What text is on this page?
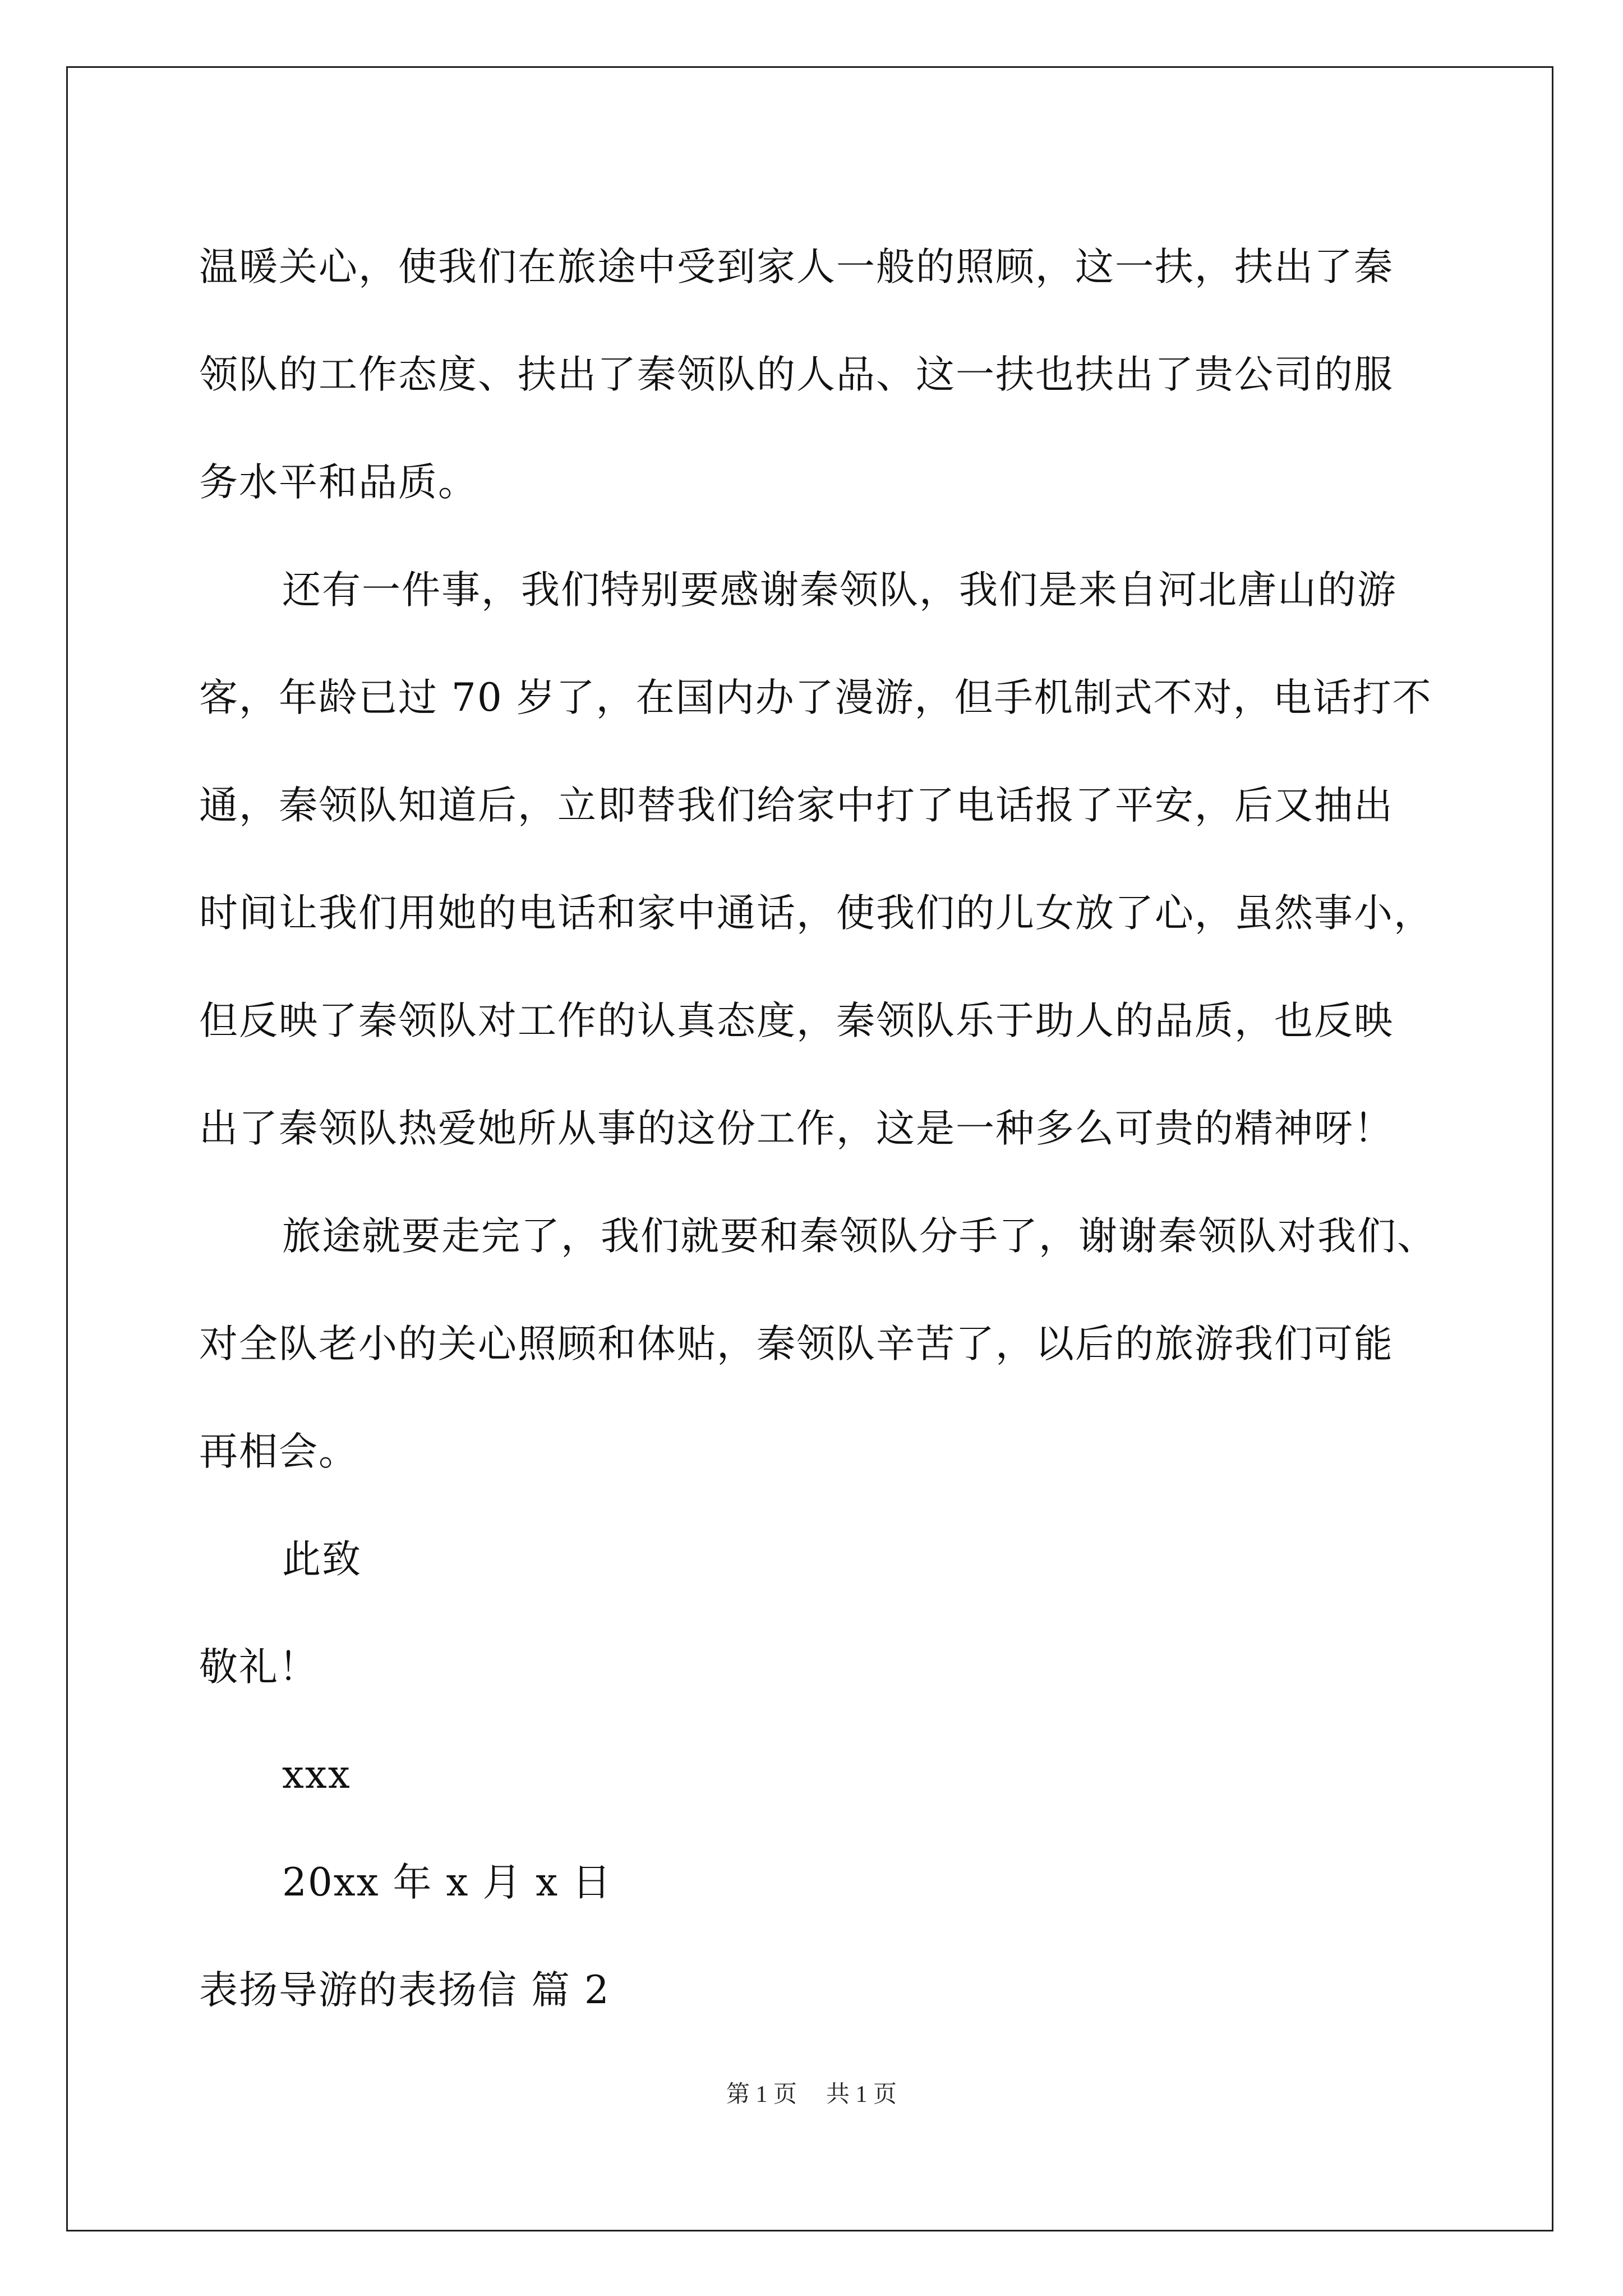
温暖关心，使我们在旅途中受到家人一般的照顾，这一扶，扶出了秦
领队的工作态度、扶出了秦领队的人品、这一扶也扶出了贵公司的服
务水平和品质。
还有一件事，我们特别要感谢秦领队，我们是来自河北唐山的游
客，年龄已过 70 岁了，在国内办了漫游，但手机制式不对，电话打不
通，秦领队知道后，立即替我们给家中打了电话报了平安，后又抽出
时间让我们用她的电话和家中通话，使我们的儿女放了心，虽然事小，
但反映了秦领队对工作的认真态度，秦领队乐于助人的品质，也反映
出了秦领队热爱她所从事的这份工作，这是一种多么可贵的精神呀！
旅途就要走完了，我们就要和秦领队分手了，谢谢秦领队对我们、
对全队老小的关心照顾和体贴，秦领队辛苦了，以后的旅游我们可能
再相会。
此致
敬礼！
xxx
20xx 年 x 月 x 日
表扬导游的表扬信 篇 2
第 1 页 共 1 页
